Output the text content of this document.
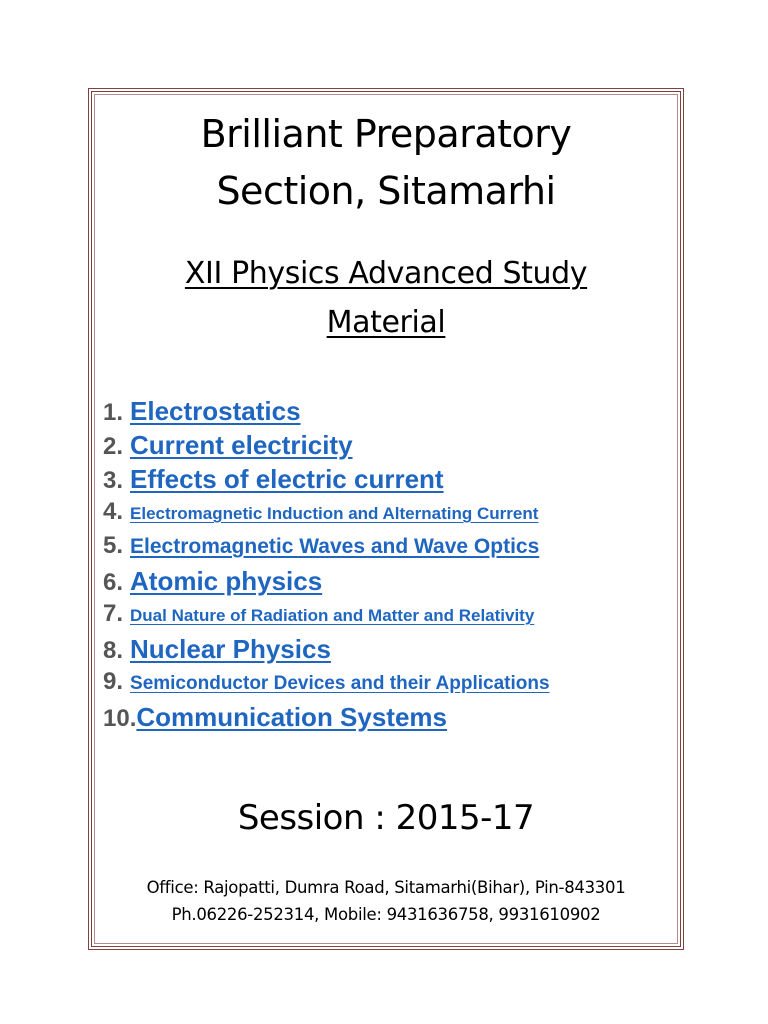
Brilliant Preparatory
Section, Sitamarhi
XII Physics Advanced Study
Material
1. Electrostatics
2. Current electricity
3. Effects of electric current
4. Electromagnetic Induction and Alternating Current
5. Electromagnetic Waves and Wave Optics
6. Atomic physics
7. Dual Nature of Radiation and Matter and Relativity
8. Nuclear Physics
9. Semiconductor Devices and their Applications
10. Communication Systems
Session : 2015-17
Office: Rajopatti, Dumra Road, Sitamarhi(Bihar), Pin-843301
Ph.06226-252314, Mobile: 9431636758, 9931610902
